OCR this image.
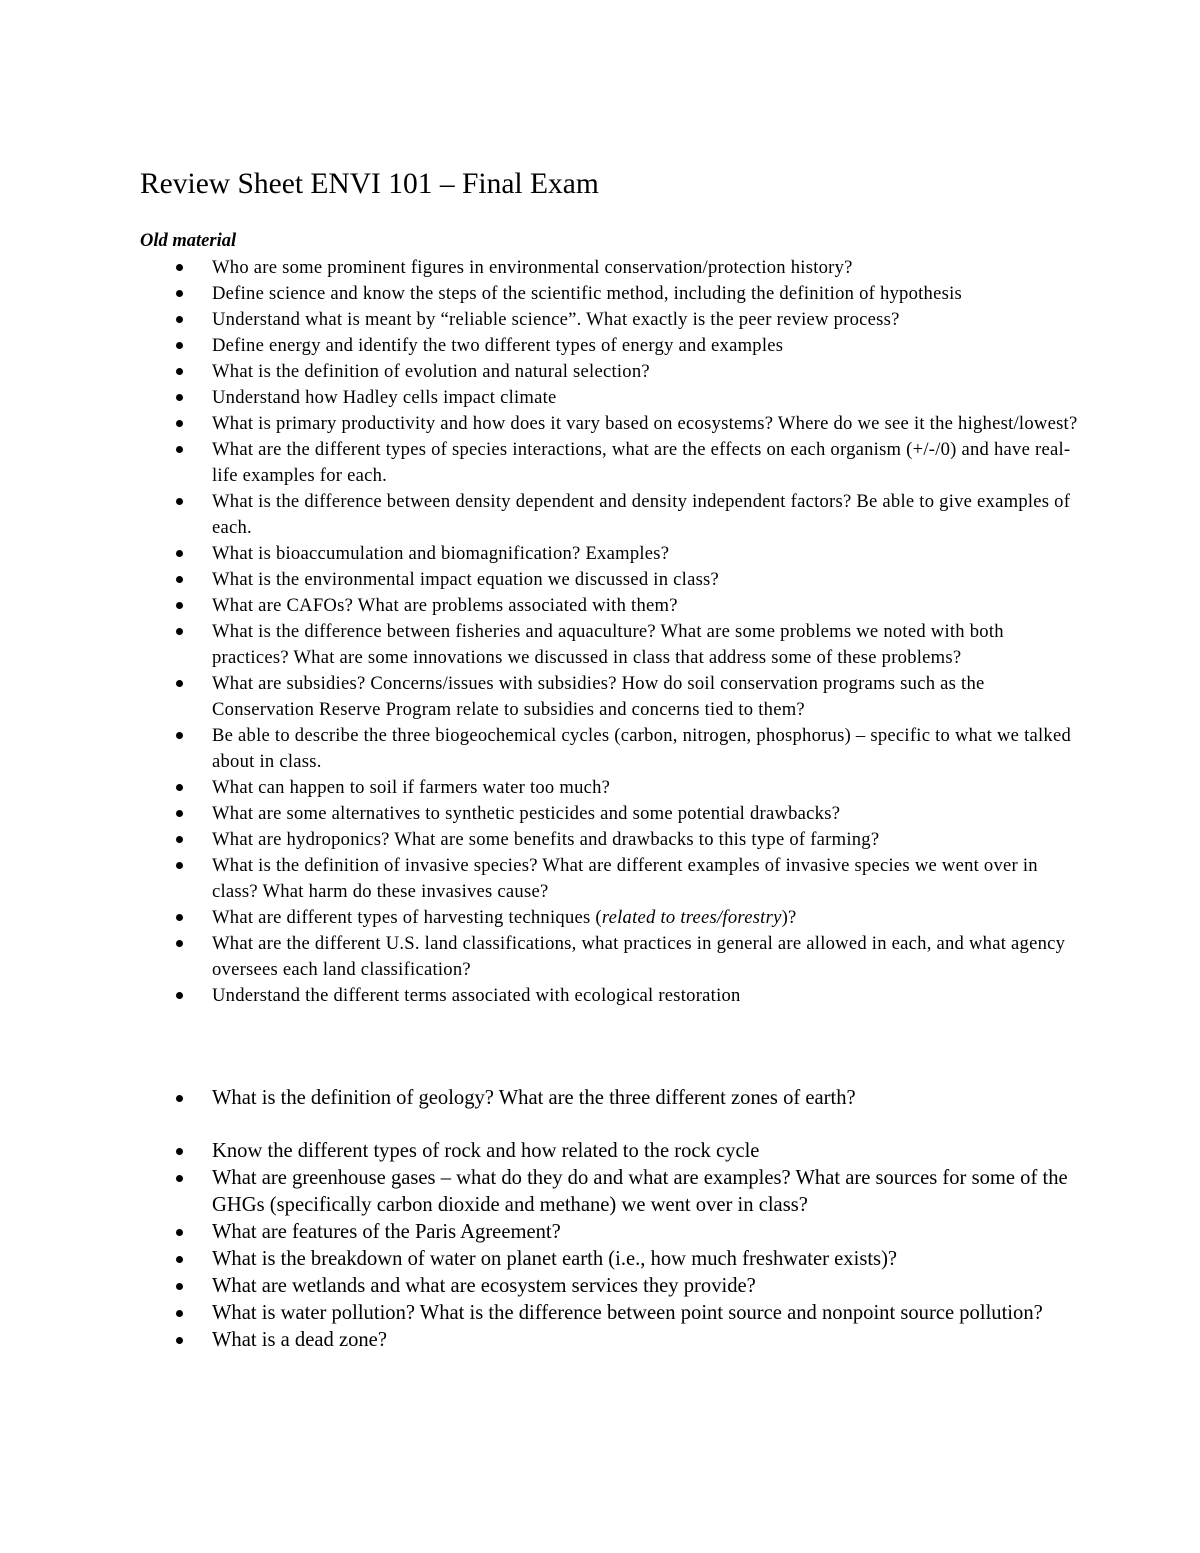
Review Sheet ENVI 101 – Final Exam
Old material
Who are some prominent figures in environmental conservation/protection history?
Define science and know the steps of the scientific method, including the definition of hypothesis
Understand what is meant by “reliable science”. What exactly is the peer review process?
Define energy and identify the two different types of energy and examples
What is the definition of evolution and natural selection?
Understand how Hadley cells impact climate
What is primary productivity and how does it vary based on ecosystems? Where do we see it the highest/lowest?
What are the different types of species interactions, what are the effects on each organism (+/-/0) and have real-life examples for each.
What is the difference between density dependent and density independent factors? Be able to give examples of each.
What is bioaccumulation and biomagnification? Examples?
What is the environmental impact equation we discussed in class?
What are CAFOs? What are problems associated with them?
What is the difference between fisheries and aquaculture? What are some problems we noted with both practices? What are some innovations we discussed in class that address some of these problems?
What are subsidies? Concerns/issues with subsidies? How do soil conservation programs such as the Conservation Reserve Program relate to subsidies and concerns tied to them?
Be able to describe the three biogeochemical cycles (carbon, nitrogen, phosphorus) – specific to what we talked about in class.
What can happen to soil if farmers water too much?
What are some alternatives to synthetic pesticides and some potential drawbacks?
What are hydroponics? What are some benefits and drawbacks to this type of farming?
What is the definition of invasive species? What are different examples of invasive species we went over in class? What harm do these invasives cause?
What are different types of harvesting techniques (related to trees/forestry)?
What are the different U.S. land classifications, what practices in general are allowed in each, and what agency oversees each land classification?
Understand the different terms associated with ecological restoration
What is the definition of geology? What are the three different zones of earth?
Know the different types of rock and how related to the rock cycle
What are greenhouse gases – what do they do and what are examples? What are sources for some of the GHGs (specifically carbon dioxide and methane) we went over in class?
What are features of the Paris Agreement?
What is the breakdown of water on planet earth (i.e., how much freshwater exists)?
What are wetlands and what are ecosystem services they provide?
What is water pollution? What is the difference between point source and nonpoint source pollution?
What is a dead zone?
